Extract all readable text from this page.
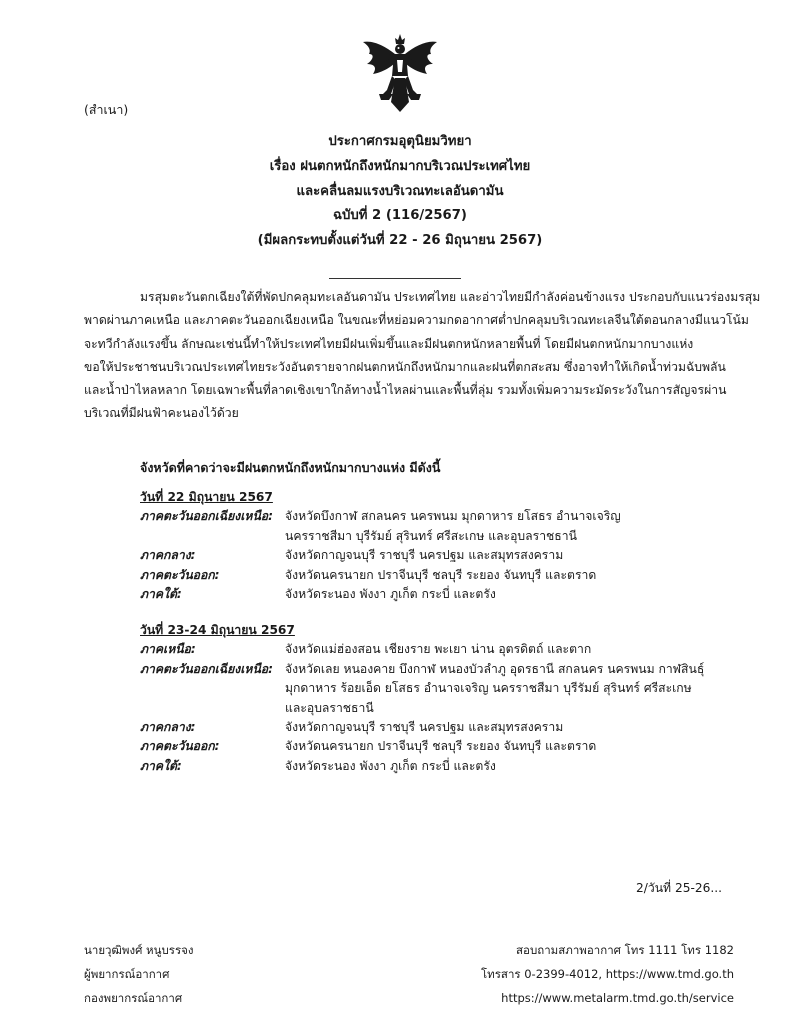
(สำเนา)
ประกาศกรมอุตุนิยมวิทยา
เรื่อง ฝนตกหนักถึงหนักมากบริเวณประเทศไทย
และคลื่นลมแรงบริเวณทะเลอันดามัน
ฉบับที่ 2 (116/2567)
(มีผลกระทบตั้งแต่วันที่ 22 - 26 มิถุนายน 2567)

มรสุมตะวันตกเฉียงใต้ที่พัดปกคลุมทะเลอันดามัน ประเทศไทย และอ่าวไทยมีกำลังค่อนข้างแรง ประกอบกับแนวร่องมรสุม

พาดผ่านภาคเหนือ และภาคตะวันออกเฉียงเหนือ ในขณะที่หย่อมความกดอากาศต่ำปกคลุมบริเวณทะเลจีนใต้ตอนกลางมีแนวโน้ม

จะทวีกำลังแรงขึ้น ลักษณะเช่นนี้ทำให้ประเทศไทยมีฝนเพิ่มขึ้นและมีฝนตกหนักหลายพื้นที่ โดยมีฝนตกหนักมากบางแห่ง

ขอให้ประชาชนบริเวณประเทศไทยระวังอันตรายจากฝนตกหนักถึงหนักมากและฝนที่ตกสะสม ซึ่งอาจทำให้เกิดน้ำท่วมฉับพลัน

และน้ำป่าไหลหลาก โดยเฉพาะพื้นที่ลาดเชิงเขาใกล้ทางน้ำไหลผ่านและพื้นที่ลุ่ม รวมทั้งเพิ่มความระมัดระวังในการสัญจรผ่าน

บริเวณที่มีฝนฟ้าคะนองไว้ด้วย

จังหวัดที่คาดว่าจะมีฝนตกหนักถึงหนักมากบางแห่ง มีดังนี้
วันที่ 22 มิถุนายน 2567
ภาคตะวันออกเฉียงเหนือ: จังหวัดบึงกาฬ สกลนคร นครพนม มุกดาหาร ยโสธร อำนาจเจริญ
นครราชสีมา บุรีรัมย์ สุรินทร์ ศรีสะเกษ และอุบลราชธานี
ภาคกลาง:	จังหวัดกาญจนบุรี ราชบุรี นครปฐม และสมุทรสงคราม
ภาคตะวันออก:	จังหวัดนครนายก ปราจีนบุรี ชลบุรี ระยอง จันทบุรี และตราด
ภาคใต้:	จังหวัดระนอง พังงา ภูเก็ต กระบี่ และตรัง
วันที่ 23-24 มิถุนายน 2567
ภาคเหนือ:	จังหวัดแม่ฮ่องสอน เชียงราย พะเยา น่าน อุตรดิตถ์ และตาก
ภาคตะวันออกเฉียงเหนือ: จังหวัดเลย หนองคาย บึงกาฬ หนองบัวลำภู อุดรธานี สกลนคร นครพนม กาฬสินธุ์
มุกดาหาร ร้อยเอ็ด ยโสธร อำนาจเจริญ นครราชสีมา บุรีรัมย์ สุรินทร์ ศรีสะเกษ
และอุบลราชธานี
ภาคกลาง:	จังหวัดกาญจนบุรี ราชบุรี นครปฐม และสมุทรสงคราม
ภาคตะวันออก:	จังหวัดนครนายก ปราจีนบุรี ชลบุรี ระยอง จันทบุรี และตราด
ภาคใต้:	จังหวัดระนอง พังงา ภูเก็ต กระบี่ และตรัง
2/วันที่ 25-26...
นายวุฒิพงศ์ หนูบรรจง
ผู้พยากรณ์อากาศ
กองพยากรณ์อากาศ
สอบถามสภาพอากาศ โทร 1111 โทร 1182
โทรสาร 0-2399-4012, https://www.tmd.go.th
https://www.metalarm.tmd.go.th/service
